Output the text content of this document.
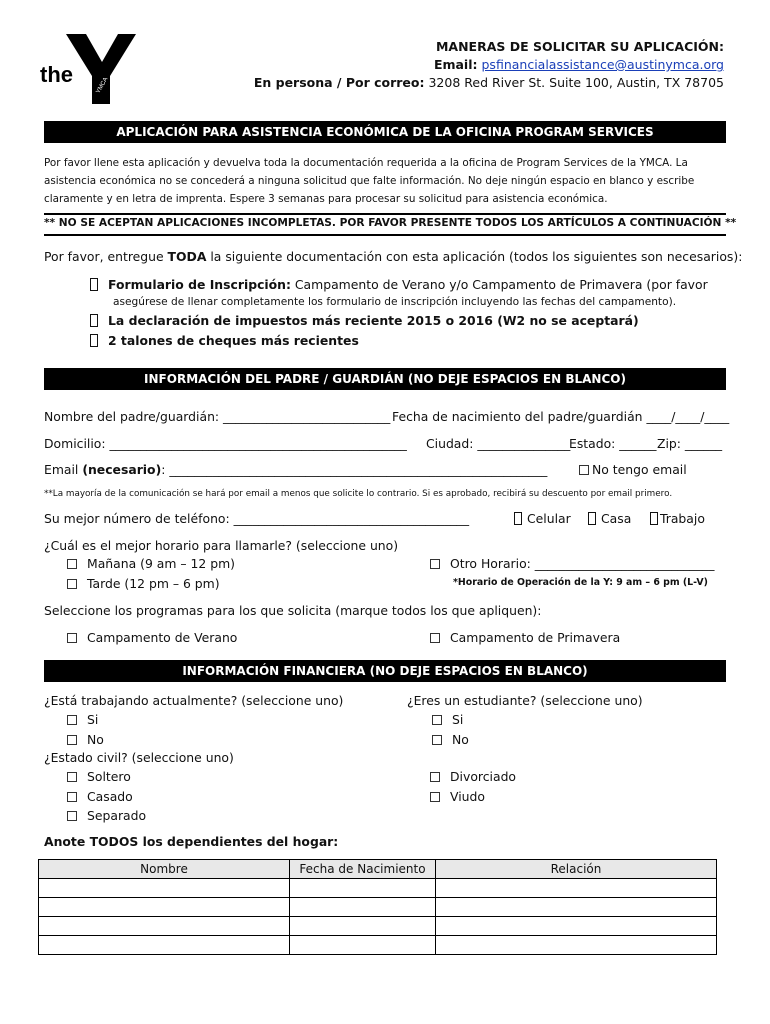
the	YMCA
MANERAS DE SOLICITAR SU APLICACIÓN:
Email: psfinancialassistance@austinymca.org
En persona / Por correo: 3208 Red River St. Suite 100, Austin, TX 78705
APLICACIÓN PARA ASISTENCIA ECONÓMICA DE LA OFICINA PROGRAM SERVICES
Por favor llene esta aplicación y devuelva toda la documentación requerida a la oficina de Program Services de la YMCA. La asistencia económica no se concederá a ninguna solicitud que falte información. No deje ningún espacio en blanco y escribe claramente y en letra de imprenta. Espere 3 semanas para procesar su solicitud para asistencia económica.
** NO SE ACEPTAN APLICACIONES INCOMPLETAS. POR FAVOR PRESENTE TODOS LOS ARTÍCULOS A CONTINUACIÓN **
Por favor, entregue TODA la siguiente documentación con esta aplicación (todos los siguientes son necesarios):
Formulario de Inscripción: Campamento de Verano y/o Campamento de Primavera (por favor
asegúrese de llenar completamente los formulario de inscripción incluyendo las fechas del campamento).
La declaración de impuestos más reciente 2015 o 2016 (W2 no se aceptará)
2 talones de cheques más recientes
INFORMACIÓN DEL PADRE / GUARDIÁN (NO DEJE ESPACIOS EN BLANCO)
Nombre del padre/guardián: ___________________________ Fecha de nacimiento del padre/guardián ____/____/____
Domicilio: ________________________________________________ Ciudad: _______________
Estado: ______ Zip: ______
Email (necesario): _____________________________________________________________	No tengo email
**La mayoría de la comunicación se hará por email a menos que solicite lo contrario. Si es aprobado, recibirá su descuento por email primero.
Su mejor número de teléfono: ______________________________________	Celular	Casa	Trabajo
¿Cuál es el mejor horario para llamarle? (seleccione uno)
Mañana (9 am – 12 pm)
Tarde (12 pm – 6 pm)
Otro Horario: _____________________________
*Horario de Operación de la Y: 9 am – 6 pm (L-V)
Seleccione los programas para los que solicita (marque todos los que apliquen):
Campamento de Verano	Campamento de Primavera
INFORMACIÓN FINANCIERA (NO DEJE ESPACIOS EN BLANCO)
¿Está trabajando actualmente? (seleccione uno)	¿Eres un estudiante? (seleccione uno)
Si
No
Si
No
¿Estado civil? (seleccione uno)
Soltero
Casado
Separado
Divorciado
Viudo
Anote TODOS los dependientes del hogar:
Nombre	Fecha de Nacimiento	Relación
